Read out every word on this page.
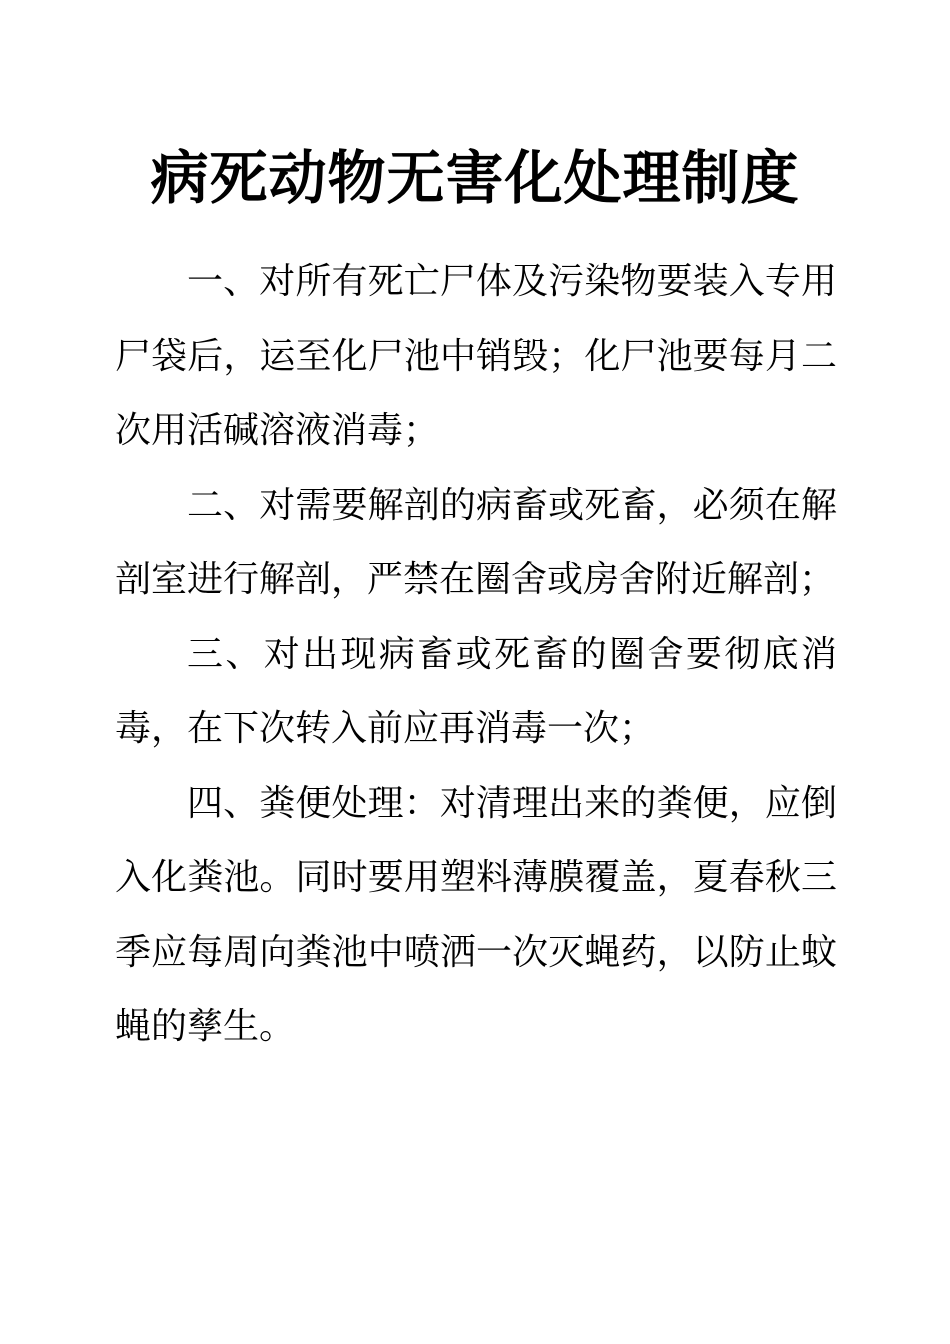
病死动物无害化处理制度

一、对所有死亡尸体及污染物要装入专用尸袋后，运至化尸池中销毁；化尸池要每月二次用活碱溶液消毒；

二、对需要解剖的病畜或死畜，必须在解剖室进行解剖，严禁在圈舍或房舍附近解剖；

三、对出现病畜或死畜的圈舍要彻底消毒，在下次转入前应再消毒一次；

四、粪便处理：对清理出来的粪便，应倒入化粪池。同时要用塑料薄膜覆盖，夏春秋三季应每周向粪池中喷洒一次灭蝇药，以防止蚊蝇的孳生。
